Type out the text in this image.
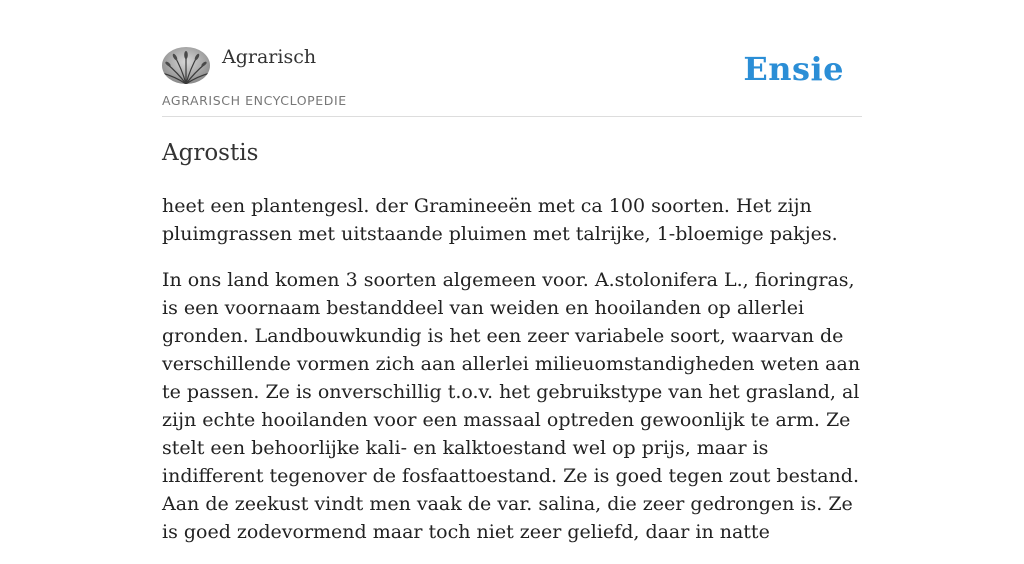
Agrarisch
AGRARISCH ENCYCLOPEDIE
Ensie
Agrostis

heet een plantengesl. der Gramineeën met ca 100 soorten. Het zijn pluimgrassen met uitstaande pluimen met talrijke, 1-bloemige pakjes.

In ons land komen 3 soorten algemeen voor. A.stolonifera L., fioringras, is een voornaam bestanddeel van weiden en hooilanden op allerlei gronden. Landbouwkundig is het een zeer variabele soort, waarvan de verschillende vormen zich aan allerlei milieuomstandigheden weten aan te passen. Ze is onverschillig t.o.v. het gebruikstype van het grasland, al zijn echte hooilanden voor een massaal optreden gewoonlijk te arm. Ze stelt een behoorlijke kali- en kalktoestand wel op prijs, maar is indifferent tegenover de fosfaattoestand. Ze is goed tegen zout bestand. Aan de zeekust vindt men vaak de var. salina, die zeer gedrongen is. Ze is goed zodevormend maar toch niet zeer geliefd, daar in natte
